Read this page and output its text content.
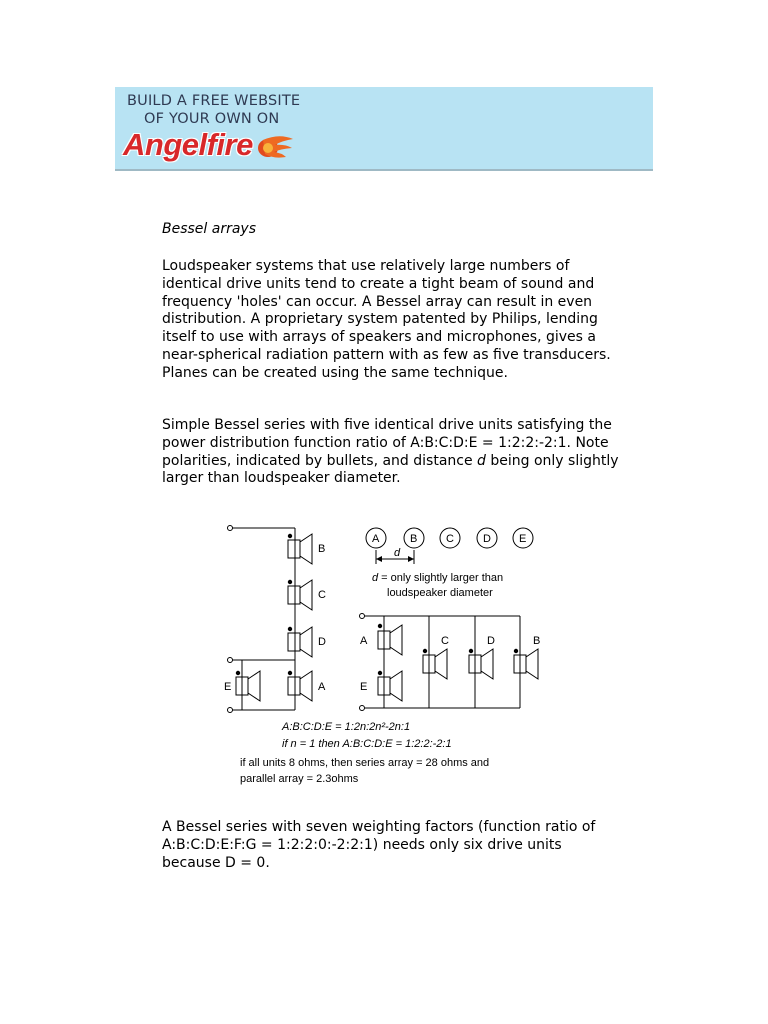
BUILD A FREE WEBSITE
OF YOUR OWN ON
Angelfire
Bessel arrays
Loudspeaker systems that use relatively large numbers of identical drive units tend to create a tight beam of sound and frequency 'holes' can occur. A Bessel array can result in even distribution. A proprietary system patented by Philips, lending itself to use with arrays of speakers and microphones, gives a near-spherical radiation pattern with as few as five transducers. Planes can be created using the same technique.
Simple Bessel series with five identical drive units satisfying the power distribution function ratio of A:B:C:D:E = 1:2:2:-2:1. Note polarities, indicated by bullets, and distance d being only slightly larger than loudspeaker diameter.
B
C
D
A
E
A	B	C	D	E
d
d = only slightly larger than
loudspeaker diameter
A
E
C	D	B
A:B:C:D:E = 1:2n:2n²-2n:1
if n = 1 then A:B:C:D:E = 1:2:2:-2:1
if all units 8 ohms, then series array = 28 ohms and
parallel array = 2.3ohms
A Bessel series with seven weighting factors (function ratio of A:B:C:D:E:F:G = 1:2:2:0:-2:2:1) needs only six drive units because D = 0.
